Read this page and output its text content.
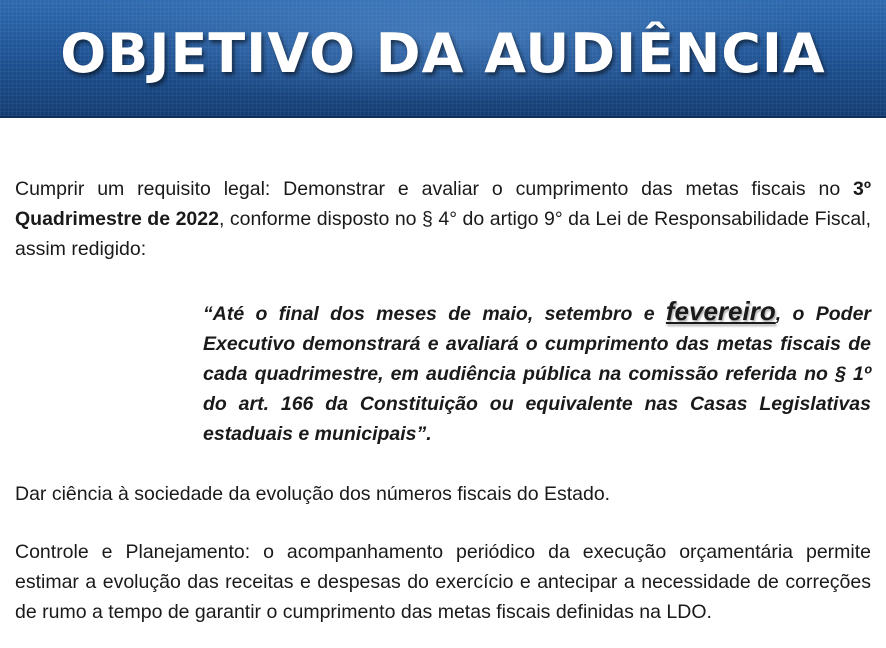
OBJETIVO DA AUDIÊNCIA

Cumprir um requisito legal: Demonstrar e avaliar o cumprimento das metas fiscais no 3º Quadrimestre de 2022, conforme disposto no § 4° do artigo 9° da Lei de Responsabilidade Fiscal, assim redigido:

“Até o final dos meses de maio, setembro e fevereiro, o Poder Executivo demonstrará e avaliará o cumprimento das metas fiscais de cada quadrimestre, em audiência pública na comissão referida no § 1º do art. 166 da Constituição ou equivalente nas Casas Legislativas estaduais e municipais”.

Dar ciência à sociedade da evolução dos números fiscais do Estado.

Controle e Planejamento: o acompanhamento periódico da execução orçamentária permite estimar a evolução das receitas e despesas do exercício e antecipar a necessidade de correções de rumo a tempo de garantir o cumprimento das metas fiscais definidas na LDO.
